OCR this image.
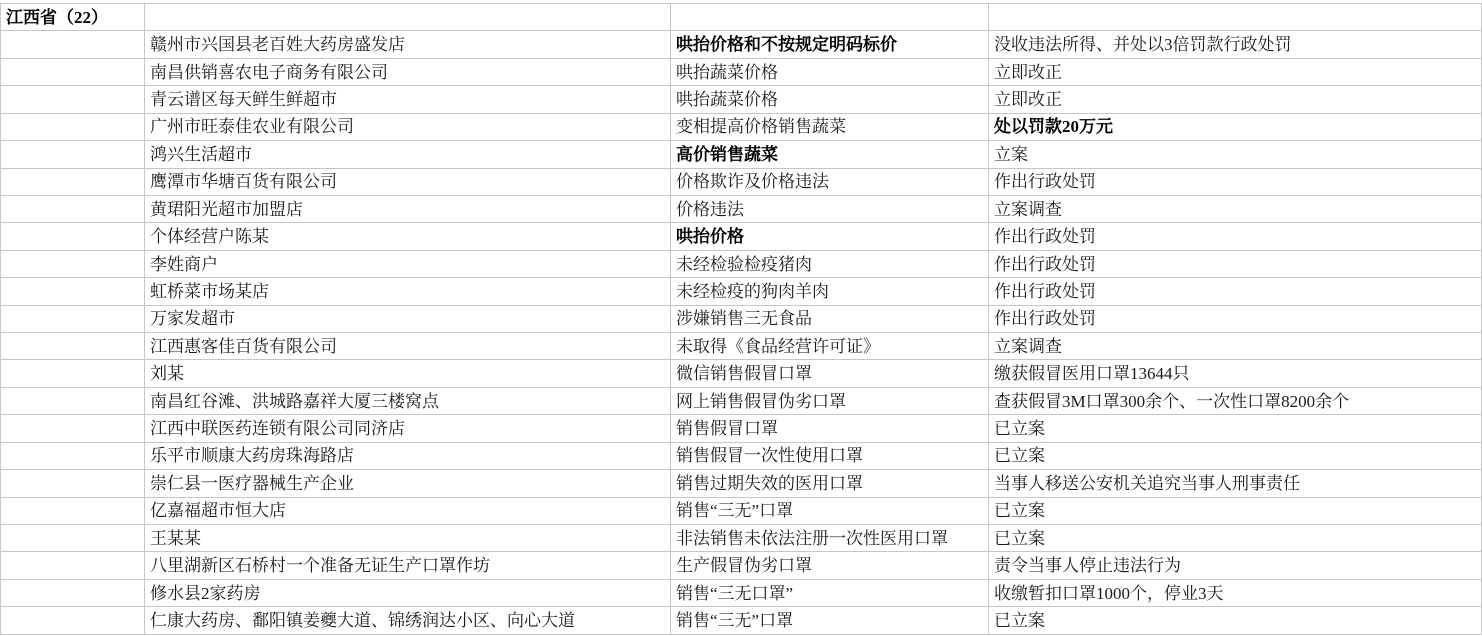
江西省（22）			
	赣州市兴国县老百姓大药房盛发店	哄抬价格和不按规定明码标价	没收违法所得、并处以3倍罚款行政处罚
	南昌供销喜农电子商务有限公司	哄抬蔬菜价格	立即改正
	青云谱区每天鲜生鲜超市	哄抬蔬菜价格	立即改正
	广州市旺泰佳农业有限公司	变相提高价格销售蔬菜	处以罚款20万元
	鸿兴生活超市	高价销售蔬菜	立案
	鹰潭市华塘百货有限公司	价格欺诈及价格违法	作出行政处罚
	黄珺阳光超市加盟店	价格违法	立案调查
	个体经营户陈某	哄抬价格	作出行政处罚
	李姓商户	未经检验检疫猪肉	作出行政处罚
	虹桥菜市场某店	未经检疫的狗肉羊肉	作出行政处罚
	万家发超市	涉嫌销售三无食品	作出行政处罚
	江西惠客佳百货有限公司	未取得《食品经营许可证》	立案调查
	刘某	微信销售假冒口罩	缴获假冒医用口罩13644只
	南昌红谷滩、洪城路嘉祥大厦三楼窝点	网上销售假冒伪劣口罩	查获假冒3M口罩300余个、一次性口罩8200余个
	江西中联医药连锁有限公司同济店	销售假冒口罩	已立案
	乐平市顺康大药房珠海路店	销售假冒一次性使用口罩	已立案
	崇仁县一医疗器械生产企业	销售过期失效的医用口罩	当事人移送公安机关追究当事人刑事责任
	亿嘉福超市恒大店	销售“三无”口罩	已立案
	王某某	非法销售未依法注册一次性医用口罩	已立案
	八里湖新区石桥村一个准备无证生产口罩作坊	生产假冒伪劣口罩	责令当事人停止违法行为
	修水县2家药房	销售“三无口罩”	收缴暂扣口罩1000个，停业3天
	仁康大药房、鄱阳镇姜夔大道、锦绣润达小区、向心大道	销售“三无”口罩	已立案
